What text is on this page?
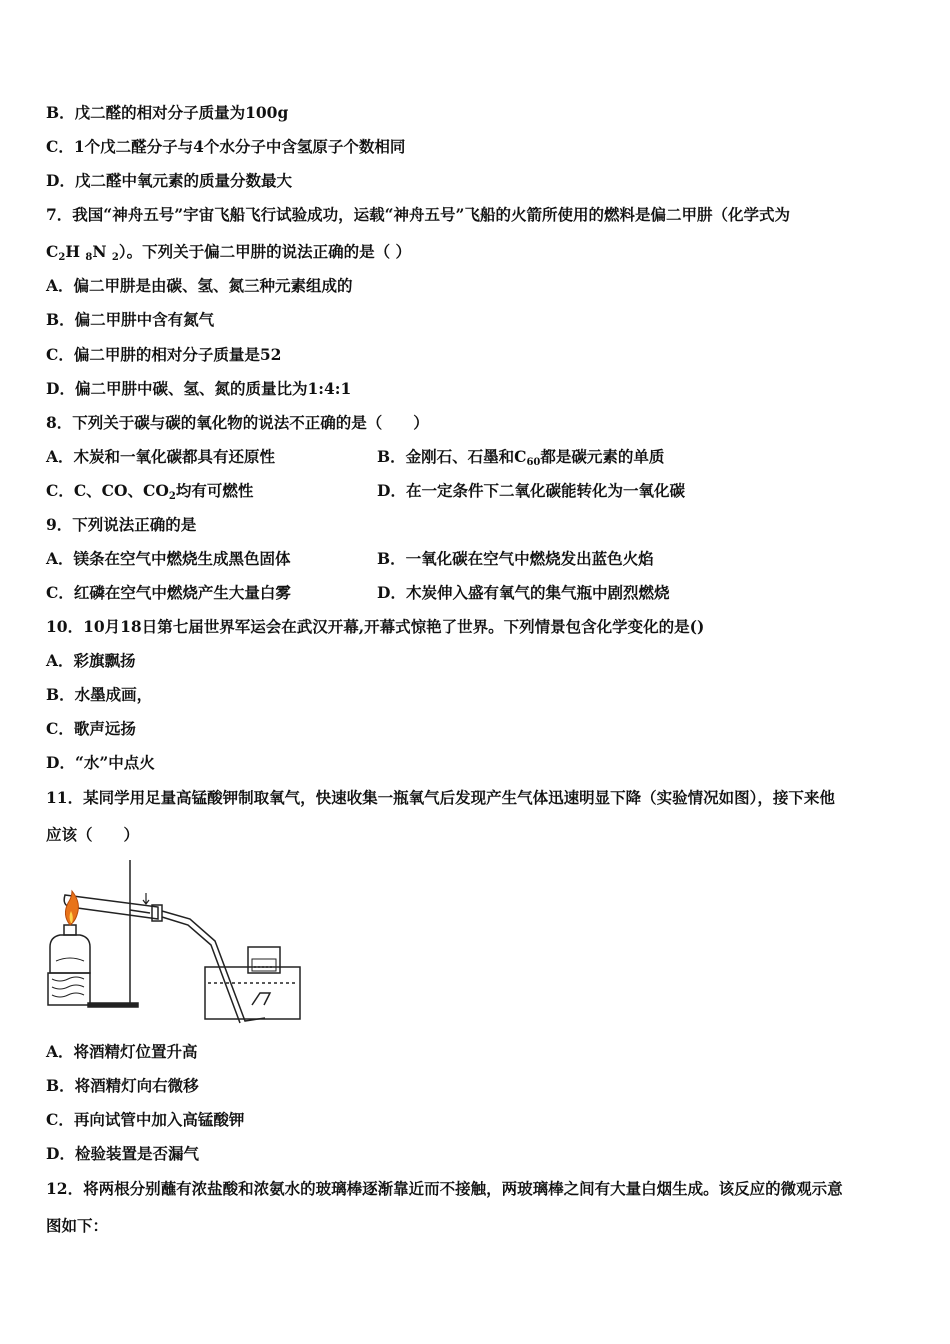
B．戊二醛的相对分子质量为100g
C．1个戊二醛分子与4个水分子中含氢原子个数相同
D．戊二醛中氧元素的质量分数最大
7．我国“神舟五号”宇宙飞船飞行试验成功，运载“神舟五号”飞船的火箭所使用的燃料是偏二甲肼（化学式为
$C_2H$ $_8$N $_2$）。下列关于偏二甲肼的说法正确的是（ ）
A．偏二甲肼是由碳、氢、氮三种元素组成的
B．偏二甲肼中含有氮气
C．偏二甲肼的相对分子质量是52
D．偏二甲肼中碳、氢、氮的质量比为1:4:1
8．下列关于碳与碳的氧化物的说法不正确的是（　　）
A．木炭和一氧化碳都具有还原性	B．金刚石、石墨和$C_{60}$都是碳元素的单质
C．C、CO、$CO_2$均有可燃性	D．在一定条件下二氧化碳能转化为一氧化碳
9．下列说法正确的是
A．镁条在空气中燃烧生成黑色固体	B．一氧化碳在空气中燃烧发出蓝色火焰
C．红磷在空气中燃烧产生大量白雾	D．木炭伸入盛有氧气的集气瓶中剧烈燃烧
10．10月18日第七届世界军运会在武汉开幕,开幕式惊艳了世界。下列情景包含化学变化的是()
A．彩旗飘扬
B．水墨成画，
C．歌声远扬
D．“水”中点火
11．某同学用足量高锰酸钾制取氧气，快速收集一瓶氧气后发现产生气体迅速明显下降（实验情况如图），接下来他
应该（　　）
A．将酒精灯位置升高
B．将酒精灯向右微移
C．再向试管中加入高锰酸钾
D．检验装置是否漏气
12．将两根分别蘸有浓盐酸和浓氨水的玻璃棒逐渐靠近而不接触，两玻璃棒之间有大量白烟生成。该反应的微观示意
图如下：
